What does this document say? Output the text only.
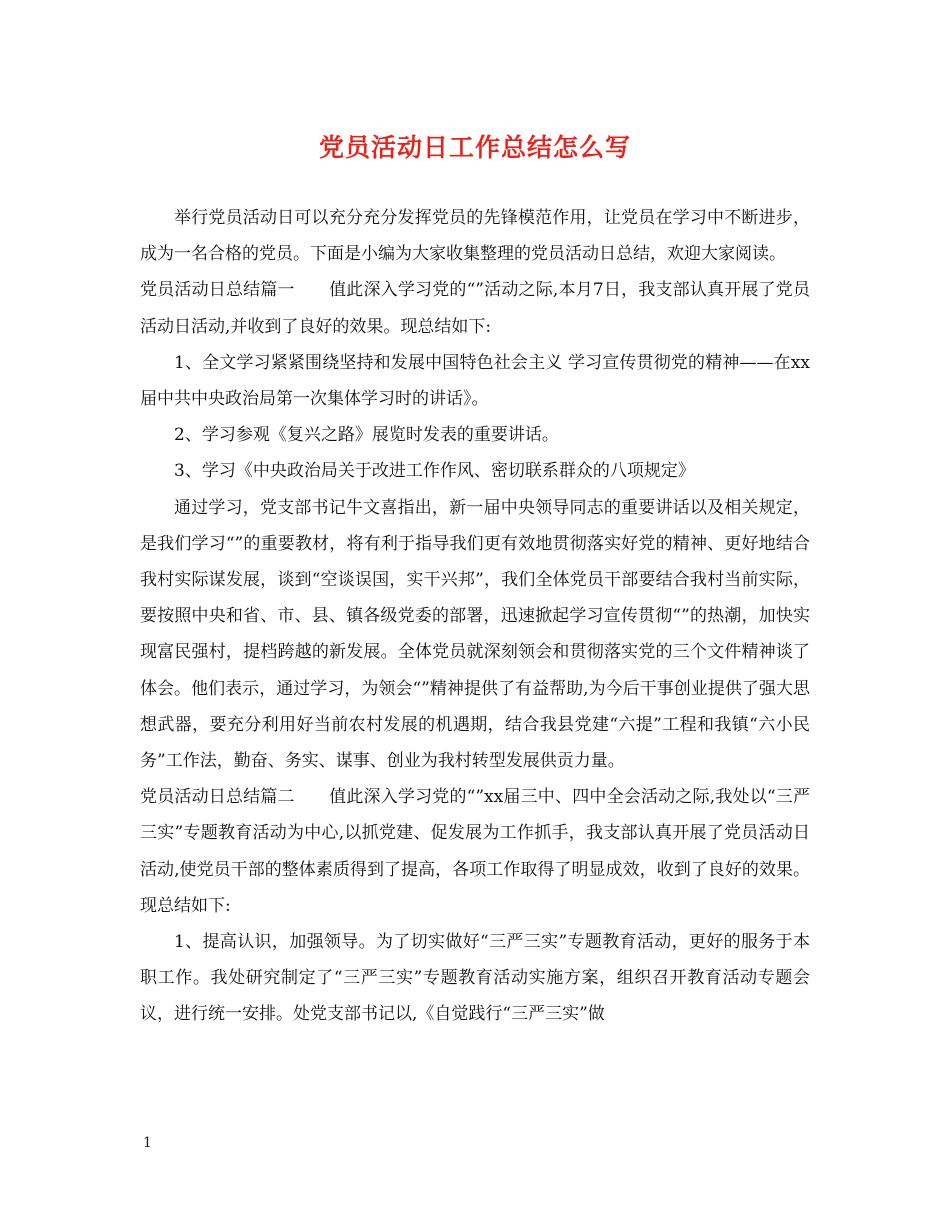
党员活动日工作总结怎么写

举行党员活动日可以充分充分发挥党员的先锋模范作用，让党员在学习中不断进步，成为一名合格的党员。下面是小编为大家收集整理的党员活动日总结，欢迎大家阅读。

党员活动日总结篇一　　值此深入学习党的“”活动之际,本月7日，我支部认真开展了党员活动日活动,并收到了良好的效果。现总结如下:

1、全文学习紧紧围绕坚持和发展中国特色社会主义 学习宣传贯彻党的精神——在xx届中共中央政治局第一次集体学习时的讲话》。

2、学习参观《复兴之路》展览时发表的重要讲话。

3、学习《中央政治局关于改进工作作风、密切联系群众的八项规定》

通过学习，党支部书记牛文喜指出，新一届中央领导同志的重要讲话以及相关规定，是我们学习“”的重要教材，将有利于指导我们更有效地贯彻落实好党的精神、更好地结合我村实际谋发展，谈到“空谈误国，实干兴邦”，我们全体党员干部要结合我村当前实际，要按照中央和省、市、县、镇各级党委的部署，迅速掀起学习宣传贯彻“”的热潮，加快实现富民强村，提档跨越的新发展。全体党员就深刻领会和贯彻落实党的三个文件精神谈了体会。他们表示，通过学习，为领会“”精神提供了有益帮助,为今后干事创业提供了强大思想武器，要充分利用好当前农村发展的机遇期，结合我县党建“六提”工程和我镇“六小民务”工作法，勤奋、务实、谋事、创业为我村转型发展供贡力量。

党员活动日总结篇二　　值此深入学习党的“”xx届三中、四中全会活动之际,我处以“三严三实”专题教育活动为中心,以抓党建、促发展为工作抓手，我支部认真开展了党员活动日活动,使党员干部的整体素质得到了提高，各项工作取得了明显成效，收到了良好的效果。现总结如下:

1、提高认识，加强领导。为了切实做好“三严三实”专题教育活动，更好的服务于本职工作。我处研究制定了“三严三实”专题教育活动实施方案，组织召开教育活动专题会议，进行统一安排。处党支部书记以,《自觉践行“三严三实”做

1
